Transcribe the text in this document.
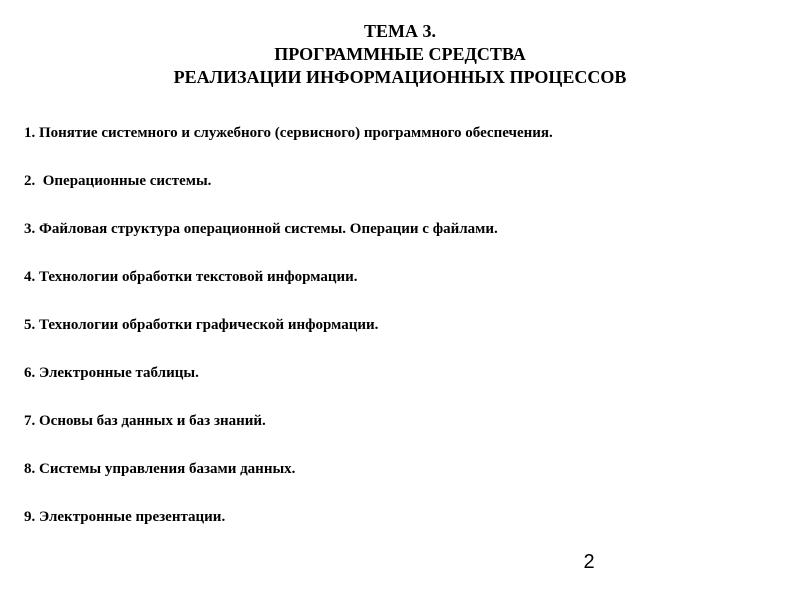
ТЕМА 3.
ПРОГРАММНЫЕ СРЕДСТВА
РЕАЛИЗАЦИИ ИНФОРМАЦИОННЫХ ПРОЦЕССОВ
1. Понятие системного и служебного (сервисного) программного обеспечения.
2.  Операционные системы.
3. Файловая структура операционной системы. Операции с файлами.
4. Технологии обработки текстовой информации.
5. Технологии обработки графической информации.
6. Электронные таблицы.
7. Основы баз данных и баз знаний.
8. Системы управления базами данных.
9. Электронные презентации.
2
